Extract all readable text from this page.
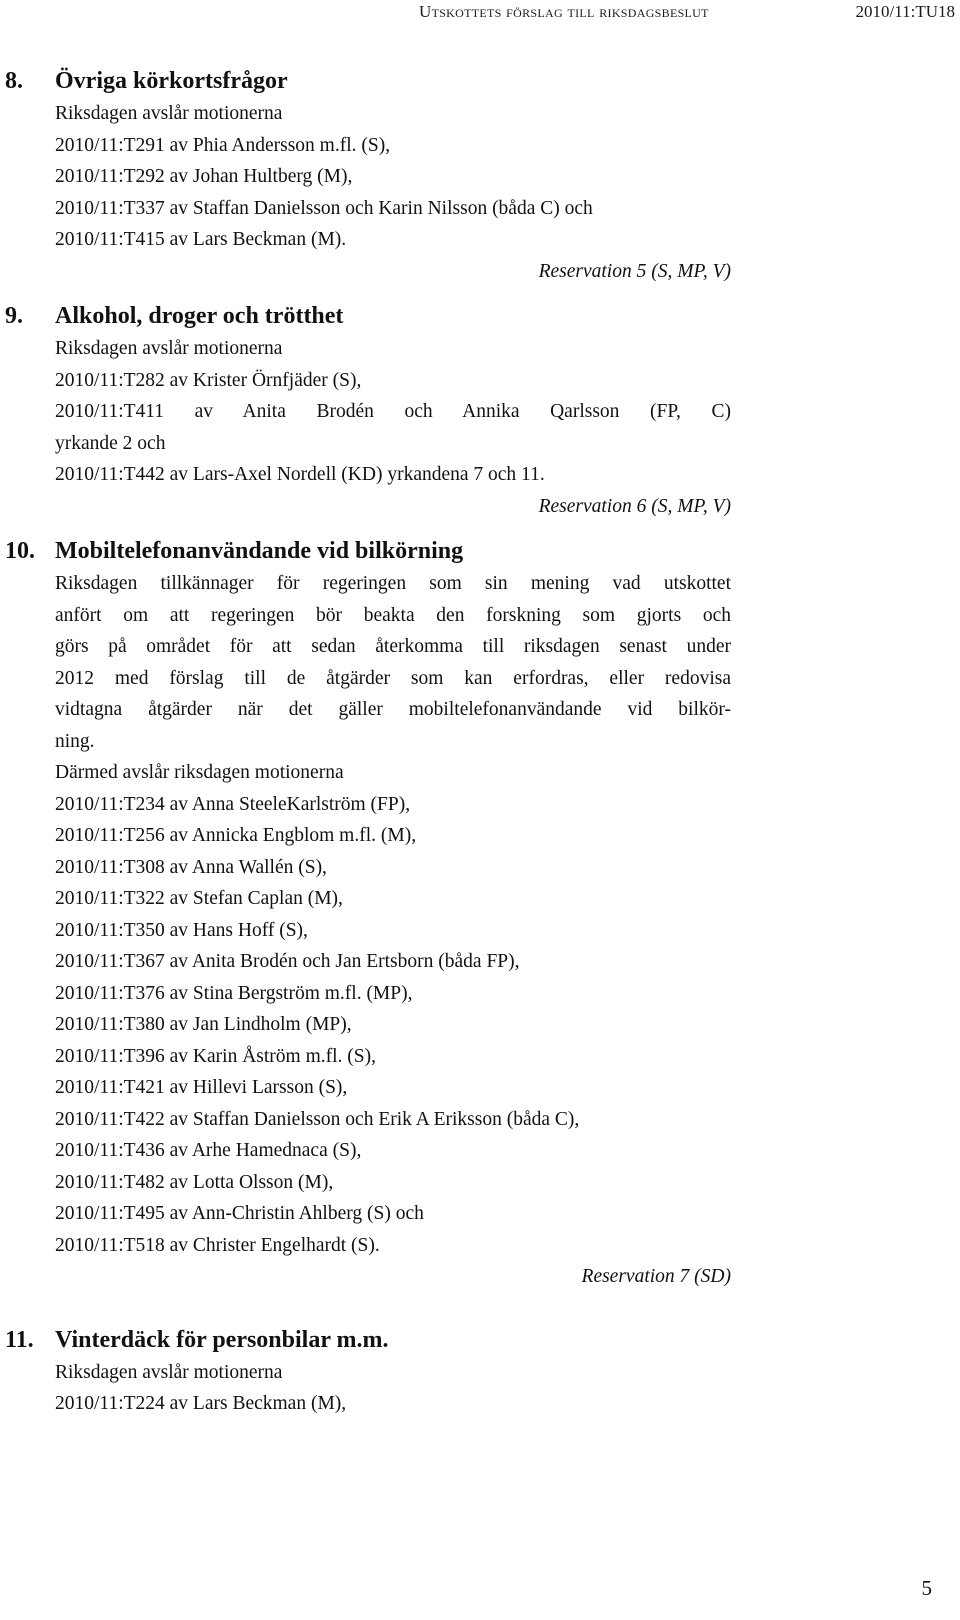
Utskottets förslag till riksdagsbeslut	2010/11:TU18
8. Övriga körkortsfrågor
Riksdagen avslår motionerna
2010/11:T291 av Phia Andersson m.fl. (S),
2010/11:T292 av Johan Hultberg (M),
2010/11:T337 av Staffan Danielsson och Karin Nilsson (båda C) och
2010/11:T415 av Lars Beckman (M).
Reservation 5 (S, MP, V)
9. Alkohol, droger och trötthet
Riksdagen avslår motionerna
2010/11:T282 av Krister Örnfjäder (S),
2010/11:T411 av Anita Brodén och Annika Qarlsson (FP, C)
yrkande 2 och
2010/11:T442 av Lars-Axel Nordell (KD) yrkandena 7 och 11.
Reservation 6 (S, MP, V)
10. Mobiltelefonanvändande vid bilkörning
Riksdagen tillkännager för regeringen som sin mening vad utskottet
anfört om att regeringen bör beakta den forskning som gjorts och
görs på området för att sedan återkomma till riksdagen senast under
2012 med förslag till de åtgärder som kan erfordras, eller redovisa
vidtagna åtgärder när det gäller mobiltelefonanvändande vid bilkör-
ning.
Därmed avslår riksdagen motionerna
2010/11:T234 av Anna SteeleKarlström (FP),
2010/11:T256 av Annicka Engblom m.fl. (M),
2010/11:T308 av Anna Wallén (S),
2010/11:T322 av Stefan Caplan (M),
2010/11:T350 av Hans Hoff (S),
2010/11:T367 av Anita Brodén och Jan Ertsborn (båda FP),
2010/11:T376 av Stina Bergström m.fl. (MP),
2010/11:T380 av Jan Lindholm (MP),
2010/11:T396 av Karin Åström m.fl. (S),
2010/11:T421 av Hillevi Larsson (S),
2010/11:T422 av Staffan Danielsson och Erik A Eriksson (båda C),
2010/11:T436 av Arhe Hamednaca (S),
2010/11:T482 av Lotta Olsson (M),
2010/11:T495 av Ann-Christin Ahlberg (S) och
2010/11:T518 av Christer Engelhardt (S).
Reservation 7 (SD)
11. Vinterdäck för personbilar m.m.
Riksdagen avslår motionerna
2010/11:T224 av Lars Beckman (M),
5
